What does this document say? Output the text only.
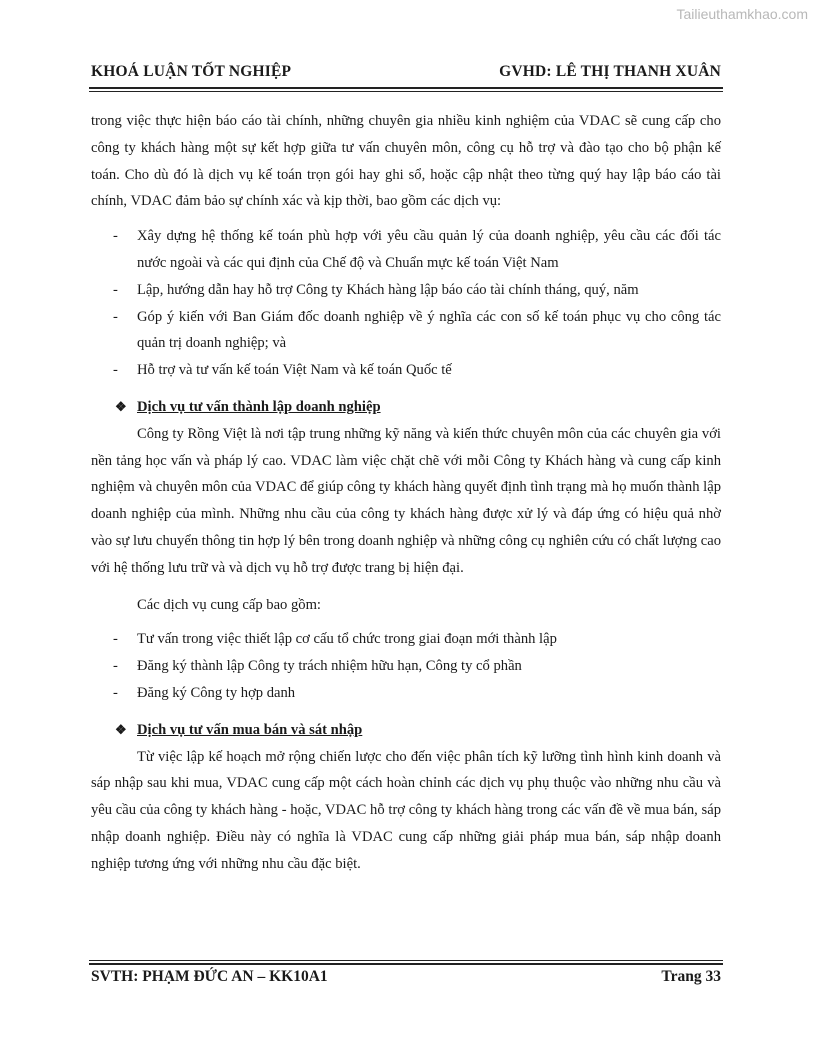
Tailieuthamkhao.com
KHOÁ LUẬN TỐT NGHIỆP	GVHD: LÊ THỊ THANH XUÂN

trong việc thực hiện báo cáo tài chính, những chuyên gia nhiều kinh nghiệm của VDAC sẽ cung cấp cho công ty khách hàng một sự kết hợp giữa tư vấn chuyên môn, công cụ hỗ trợ và đào tạo cho bộ phận kế toán. Cho dù đó là dịch vụ kế toán trọn gói hay ghi sổ, hoặc cập nhật theo từng quý hay lập báo cáo tài chính, VDAC đảm bảo sự chính xác và kịp thời, bao gồm các dịch vụ:

- Xây dựng hệ thống kế toán phù hợp với yêu cầu quản lý của doanh nghiệp, yêu cầu các đối tác nước ngoài và các qui định của Chế độ và Chuẩn mực kế toán Việt Nam
- Lập, hướng dẫn hay hỗ trợ Công ty Khách hàng lập báo cáo tài chính tháng, quý, năm
- Góp ý kiến với Ban Giám đốc doanh nghiệp về ý nghĩa các con số kế toán phục vụ cho công tác quản trị doanh nghiệp; và
- Hỗ trợ và tư vấn kế toán Việt Nam và kế toán Quốc tế
❖ Dịch vụ tư vấn thành lập doanh nghiệp

Công ty Rồng Việt là nơi tập trung những kỹ năng và kiến thức chuyên môn của các chuyên gia với nền tảng học vấn và pháp lý cao. VDAC làm việc chặt chẽ với mỗi Công ty Khách hàng và cung cấp kinh nghiệm và chuyên môn của VDAC để giúp công ty khách hàng quyết định tình trạng mà họ muốn thành lập doanh nghiệp của mình. Những nhu cầu của công ty khách hàng được xử lý và đáp ứng có hiệu quả nhờ vào sự lưu chuyển thông tin hợp lý bên trong doanh nghiệp và những công cụ nghiên cứu có chất lượng cao với hệ thống lưu trữ và và dịch vụ hỗ trợ được trang bị hiện đại.

Các dịch vụ cung cấp bao gồm:

- Tư vấn trong việc thiết lập cơ cấu tổ chức trong giai đoạn mới thành lập
- Đăng ký thành lập Công ty trách nhiệm hữu hạn, Công ty cổ phần
- Đăng ký Công ty hợp danh
❖ Dịch vụ tư vấn mua bán và sát nhập

Từ việc lập kế hoạch mở rộng chiến lược cho đến việc phân tích kỹ lưỡng tình hình kinh doanh và sáp nhập sau khi mua, VDAC cung cấp một cách hoàn chỉnh các dịch vụ phụ thuộc vào những nhu cầu và yêu cầu của công ty khách hàng - hoặc, VDAC hỗ trợ công ty khách hàng trong các vấn đề về mua bán, sáp nhập doanh nghiệp. Điều này có nghĩa là VDAC cung cấp những giải pháp mua bán, sáp nhập doanh nghiệp tương ứng với những nhu cầu đặc biệt.

SVTH: PHẠM ĐỨC AN – KK10A1	Trang 33
